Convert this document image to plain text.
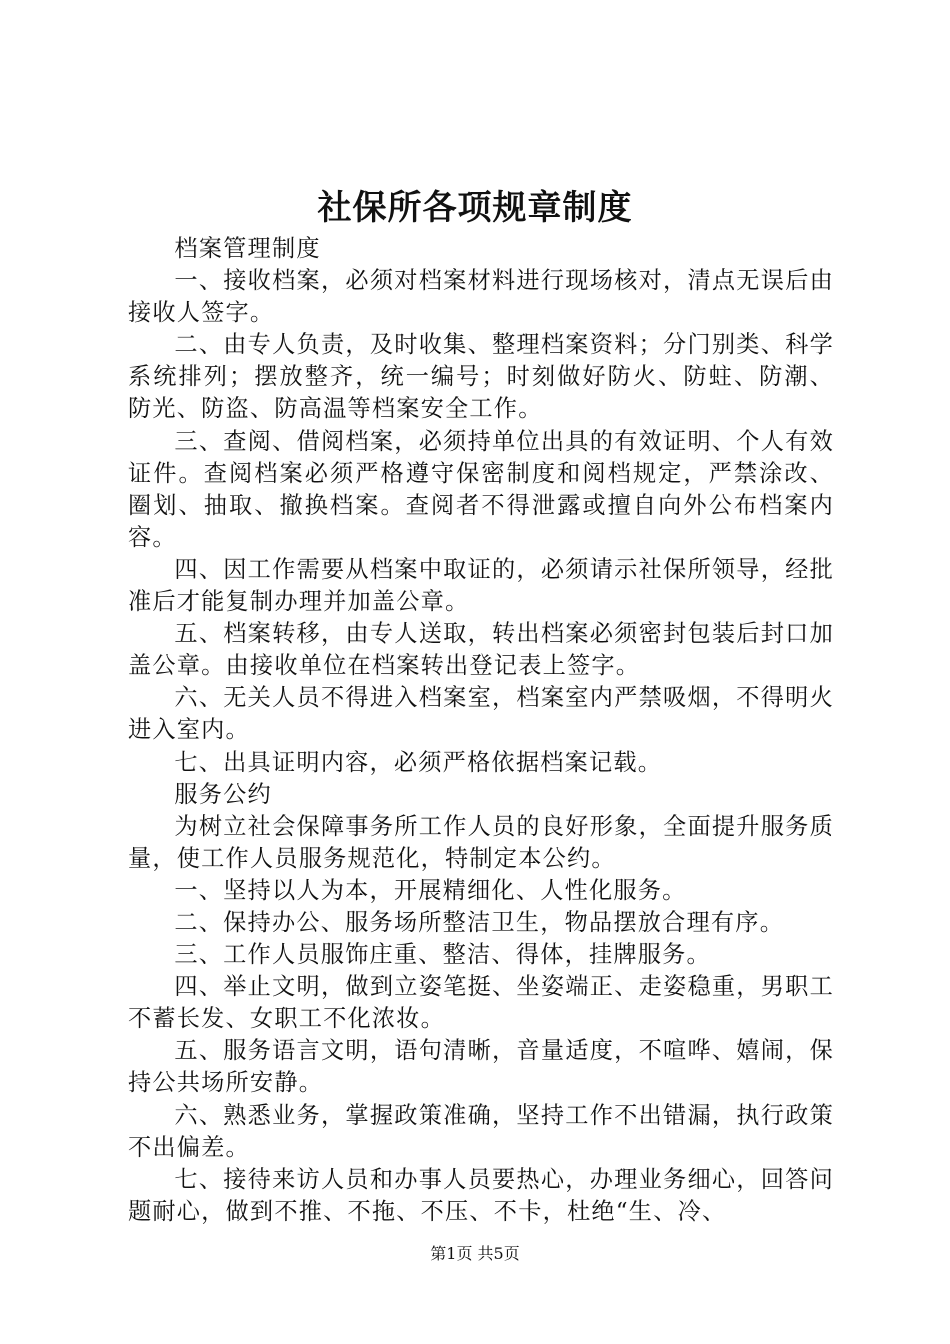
社保所各项规章制度

档案管理制度

一、接收档案，必须对档案材料进行现场核对，清点无误后由接收人签字。

二、由专人负责，及时收集、整理档案资料；分门别类、科学系统排列；摆放整齐，统一编号；时刻做好防火、防蛀、防潮、防光、防盗、防高温等档案安全工作。

三、查阅、借阅档案，必须持单位出具的有效证明、个人有效证件。查阅档案必须严格遵守保密制度和阅档规定，严禁涂改、圈划、抽取、撤换档案。查阅者不得泄露或擅自向外公布档案内容。

四、因工作需要从档案中取证的，必须请示社保所领导，经批准后才能复制办理并加盖公章。

五、档案转移，由专人送取，转出档案必须密封包装后封口加盖公章。由接收单位在档案转出登记表上签字。

六、无关人员不得进入档案室，档案室内严禁吸烟，不得明火进入室内。

七、出具证明内容，必须严格依据档案记载。

服务公约

为树立社会保障事务所工作人员的良好形象，全面提升服务质量，使工作人员服务规范化，特制定本公约。

一、坚持以人为本，开展精细化、人性化服务。

二、保持办公、服务场所整洁卫生，物品摆放合理有序。

三、工作人员服饰庄重、整洁、得体，挂牌服务。

四、举止文明，做到立姿笔挺、坐姿端正、走姿稳重，男职工不蓄长发、女职工不化浓妆。

五、服务语言文明，语句清晰，音量适度，不喧哗、嬉闹，保持公共场所安静。

六、熟悉业务，掌握政策准确，坚持工作不出错漏，执行政策不出偏差。

七、接待来访人员和办事人员要热心，办理业务细心，回答问题耐心，做到不推、不拖、不压、不卡，杜绝“生、冷、

第1页 共5页
